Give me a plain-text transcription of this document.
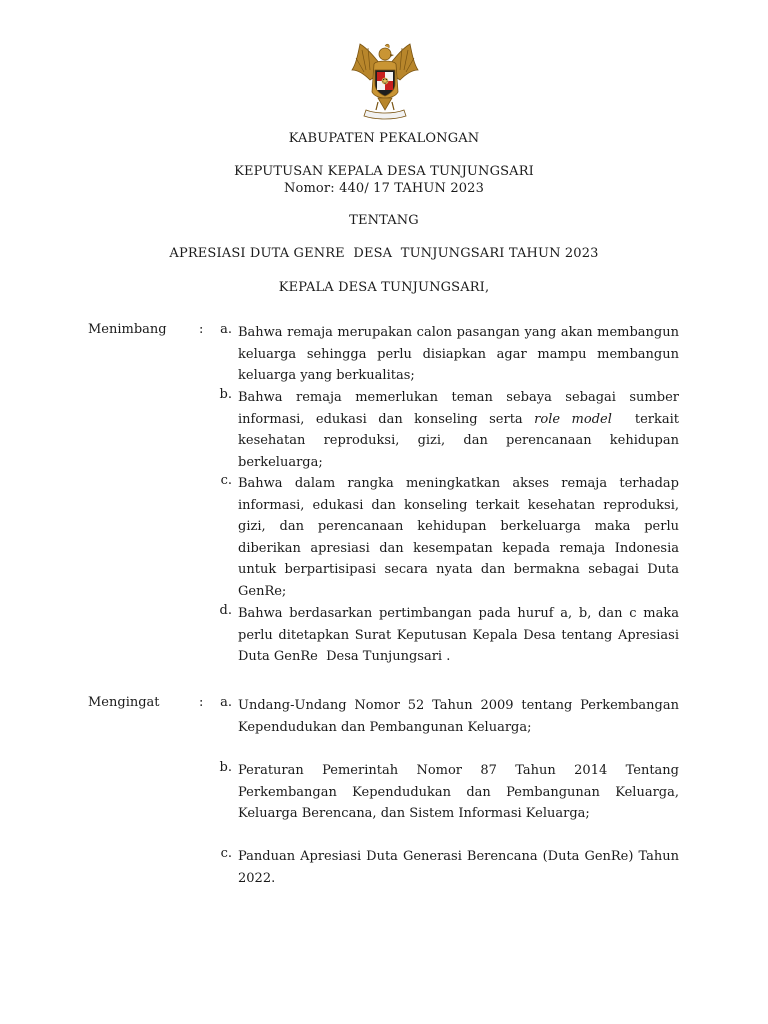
KABUPATEN PEKALONGAN
KEPUTUSAN KEPALA DESA TUNJUNGSARI
Nomor: 440/ 17 TAHUN 2023
TENTANG
APRESIASI DUTA GENRE  DESA  TUNJUNGSARI TAHUN 2023
KEPALA DESA TUNJUNGSARI,
Menimbang :	a. Bahwa remaja merupakan calon pasangan yang akan membangun keluarga sehingga perlu disiapkan agar mampu membangun keluarga yang berkualitas;
b. Bahwa remaja memerlukan teman sebaya sebagai sumber informasi, edukasi dan konseling serta role model  terkait kesehatan reproduksi, gizi, dan perencanaan kehidupan berkeluarga;
c. Bahwa dalam rangka meningkatkan akses remaja terhadap informasi, edukasi dan konseling terkait kesehatan reproduksi, gizi, dan perencanaan kehidupan berkeluarga maka perlu diberikan apresiasi dan kesempatan kepada remaja Indonesia untuk berpartisipasi secara nyata dan bermakna sebagai Duta GenRe;
d. Bahwa berdasarkan pertimbangan pada huruf a, b, dan c maka perlu ditetapkan Surat Keputusan Kepala Desa tentang Apresiasi Duta GenRe  Desa Tunjungsari .
Mengingat	:	a. Undang-Undang Nomor 52 Tahun 2009 tentang Perkembangan Kependudukan dan Pembangunan Keluarga;
b. Peraturan Pemerintah Nomor 87 Tahun 2014 Tentang Perkembangan Kependudukan dan Pembangunan Keluarga, Keluarga Berencana, dan Sistem Informasi Keluarga;
c. Panduan Apresiasi Duta Generasi Berencana (Duta GenRe) Tahun 2022.
